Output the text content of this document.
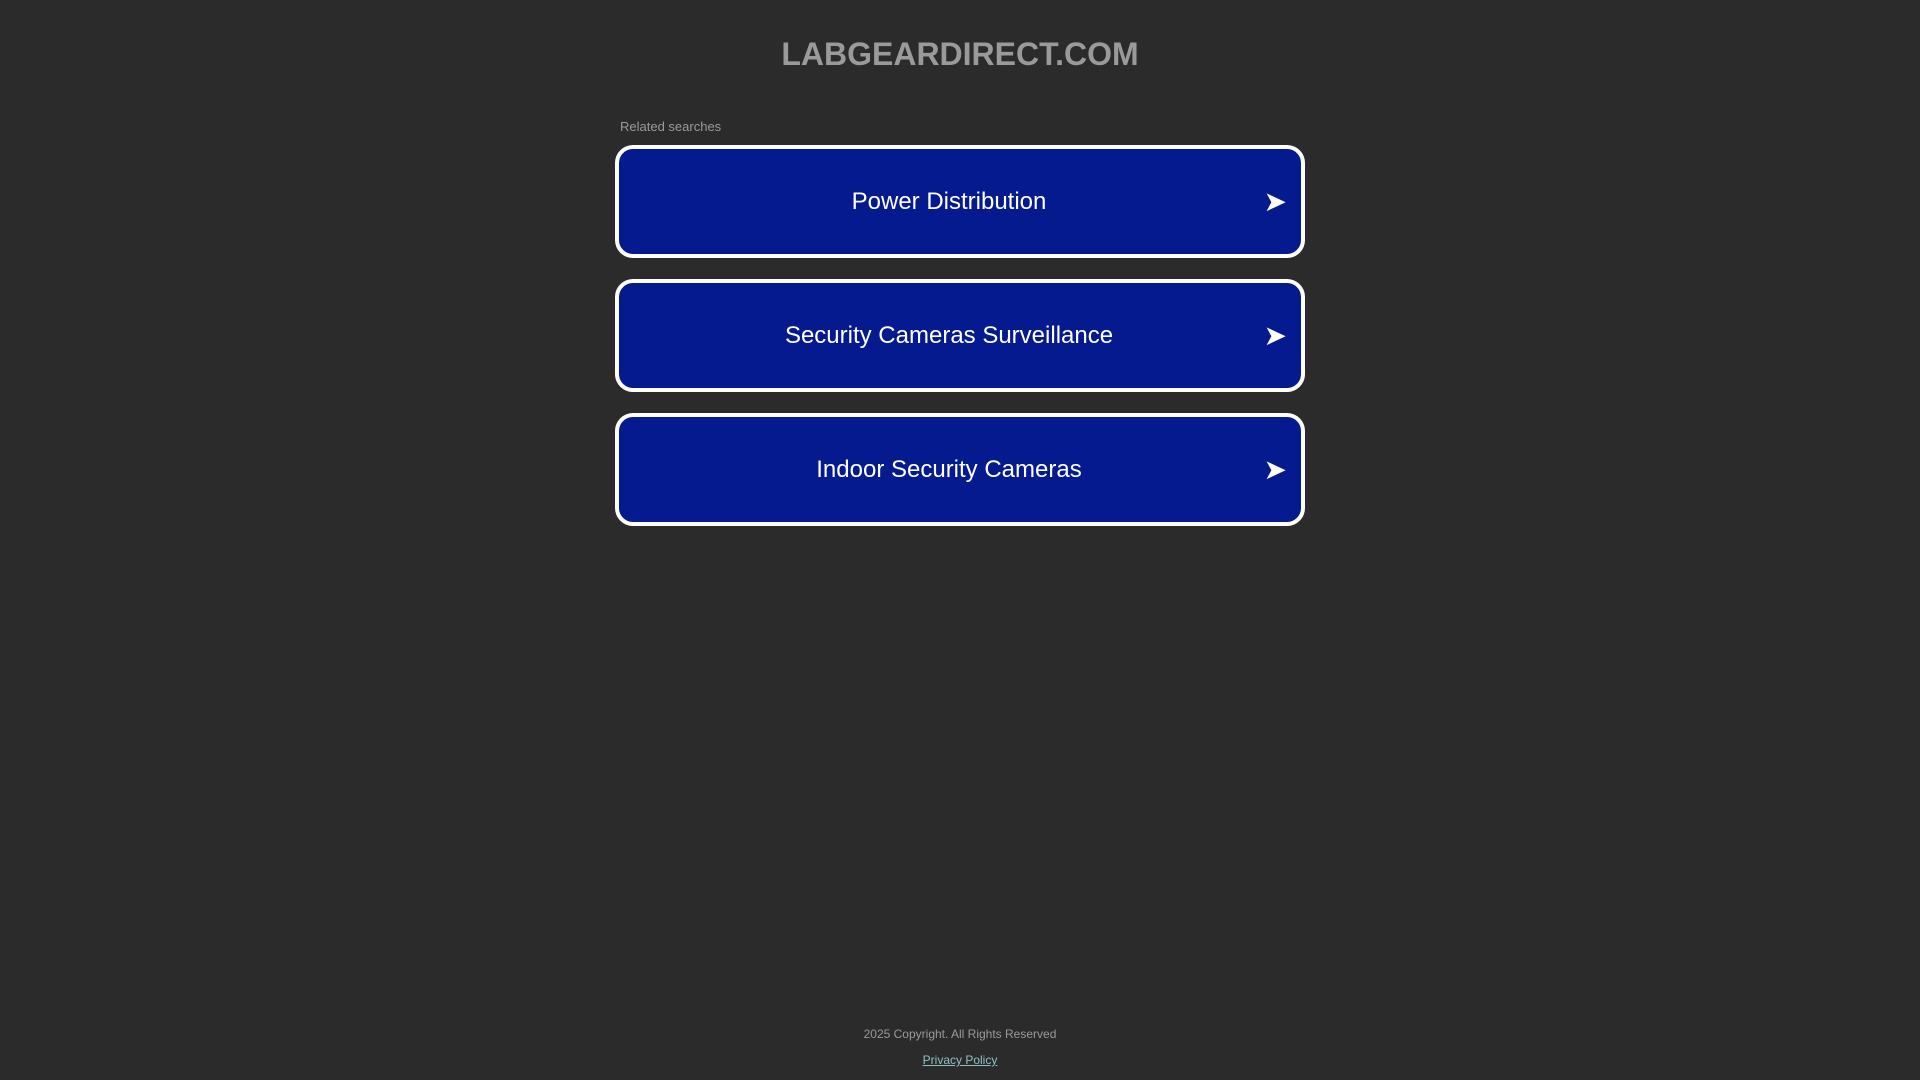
LABGEARDIRECT.COM
Related searches
Power Distribution	➤
Security Cameras Surveillance	➤
Indoor Security Cameras	➤
2025 Copyright. All Rights Reserved
Privacy Policy
